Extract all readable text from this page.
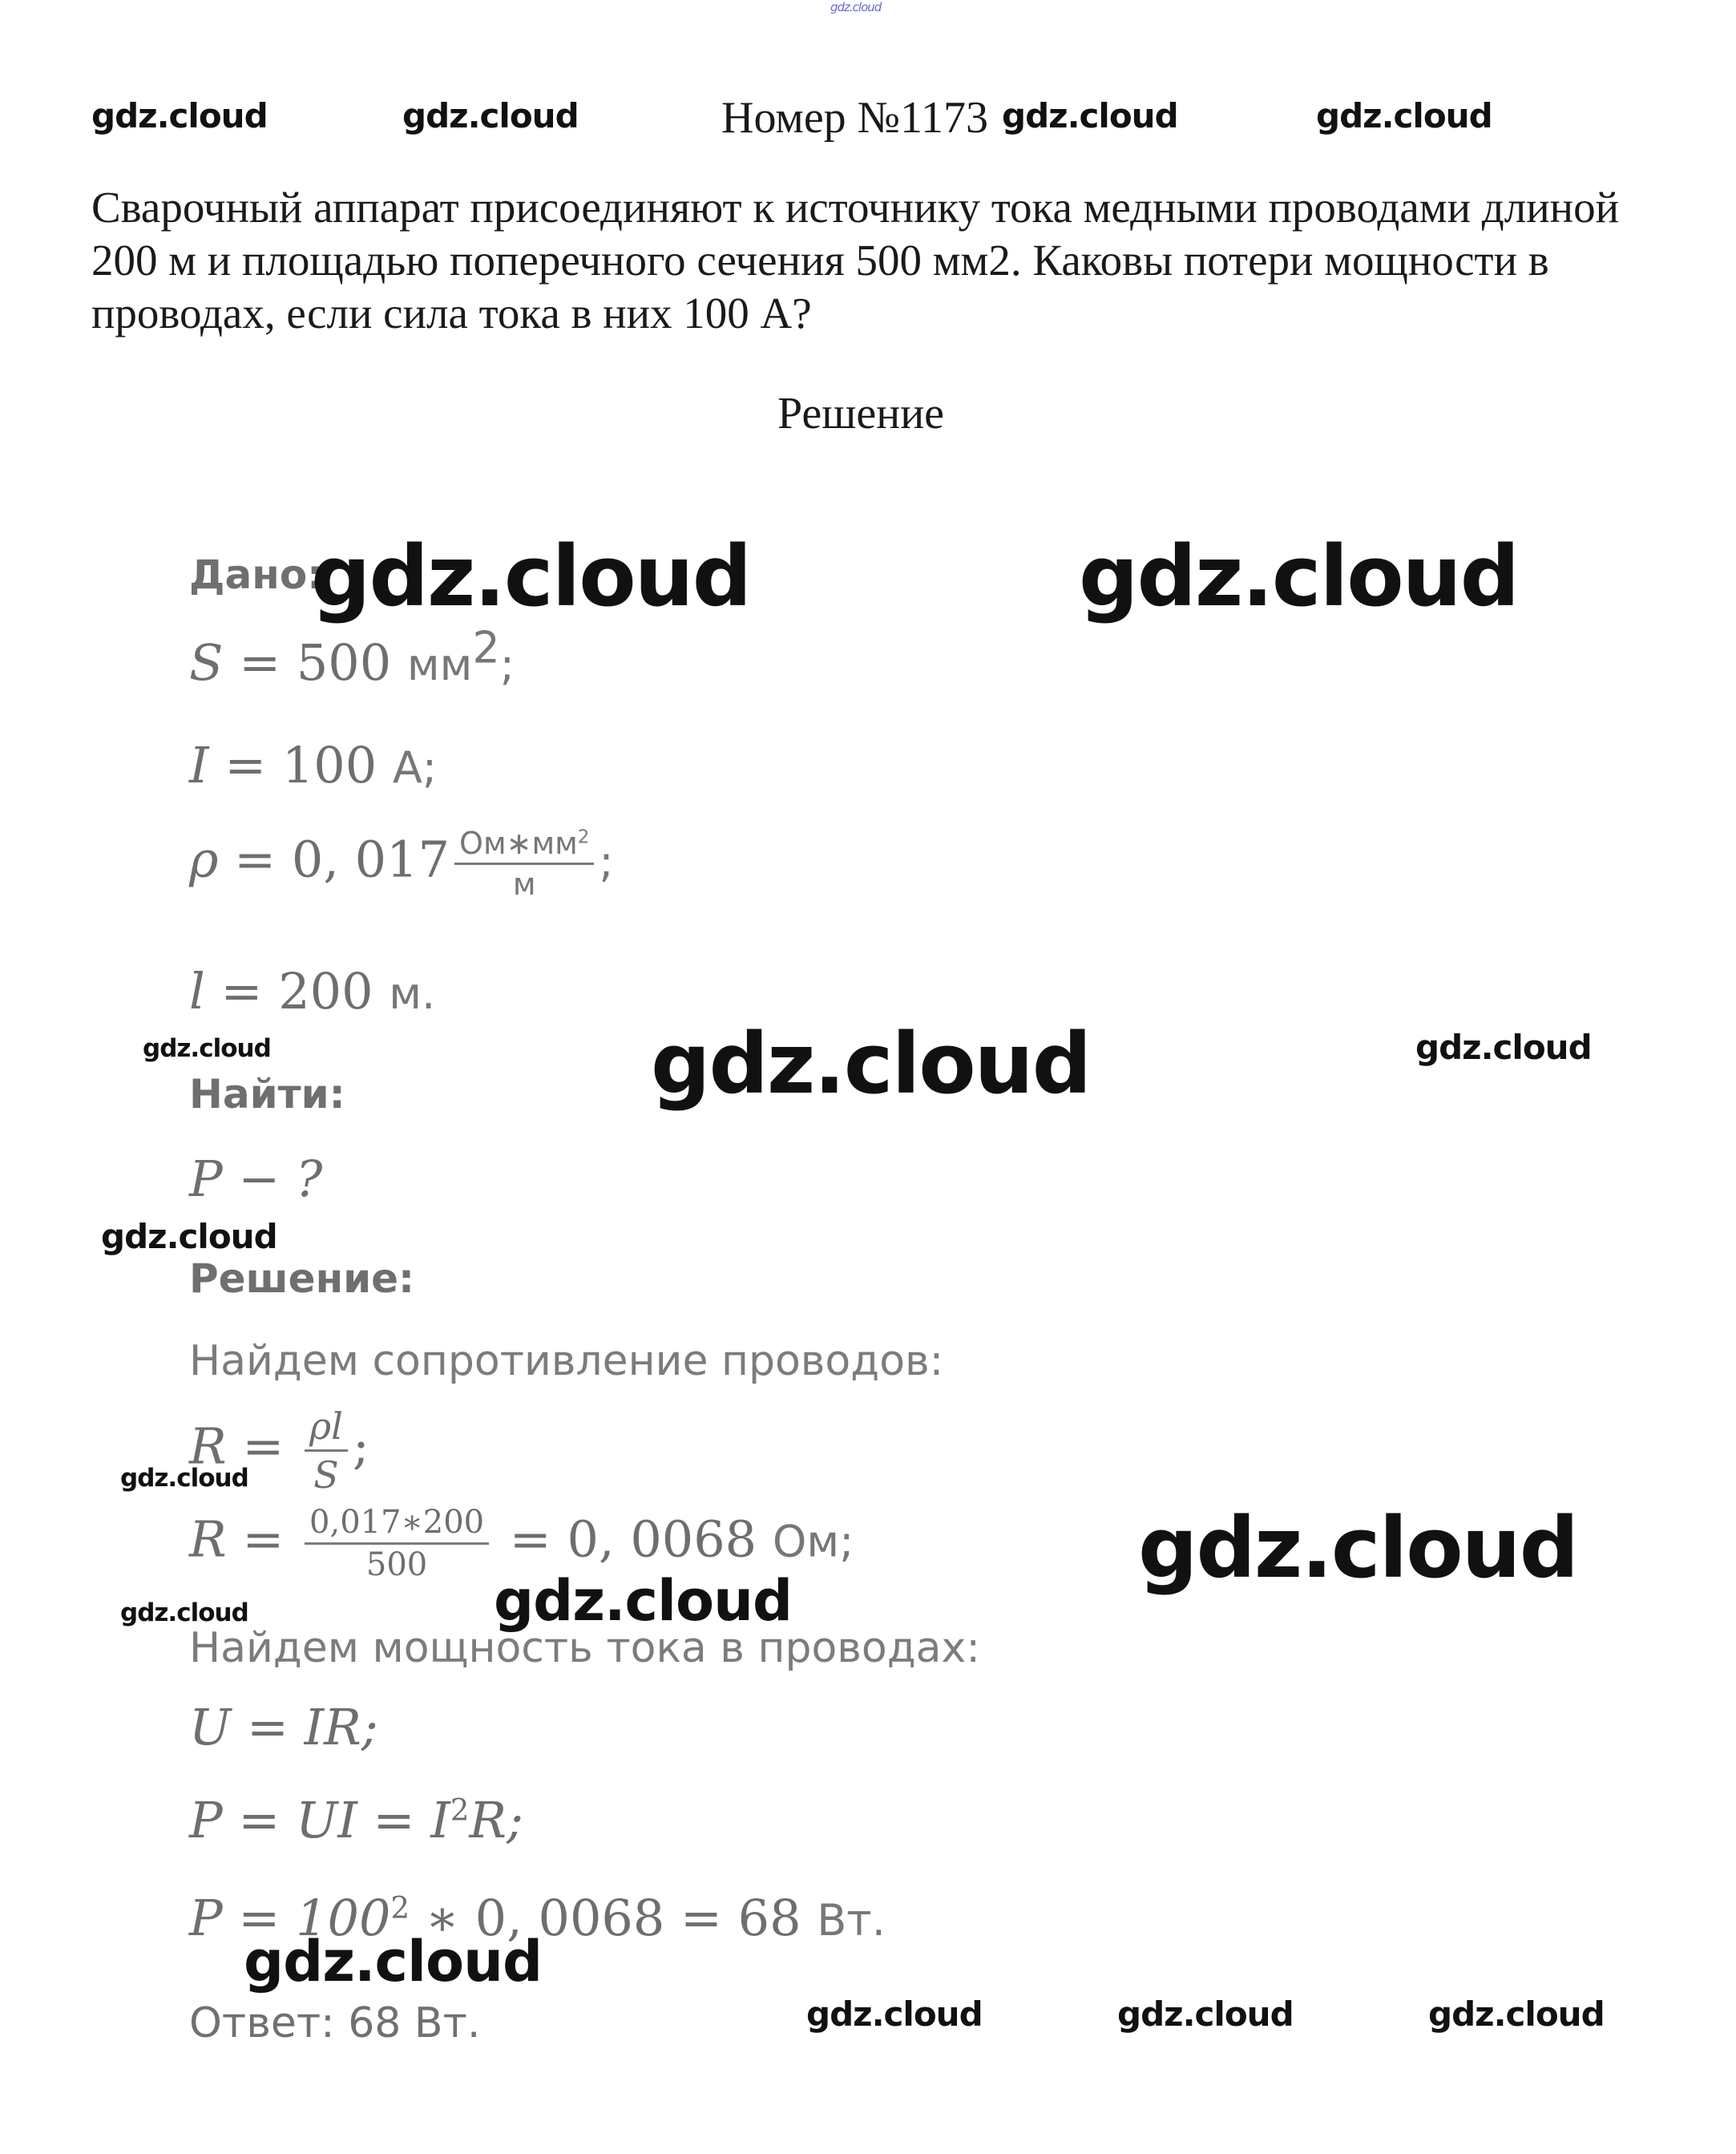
gdz.cloud
gdz.cloud	gdz.cloud	Номер №1173 gdz.cloud	gdz.cloud
Сварочный аппарат присоединяют к источнику тока медными проводами длиной 200 м и площадью поперечного сечения 500 мм2. Каковы потери мощности в проводах, если сила тока в них 100 А?
Решение
Дано:
gdz.cloud	gdz.cloud
S = 500 $мм^2$;
I = 100 А;
ρ = 0, $017 \frac{Ом∗мм^2}{м}$ ;
l = 200 м.
gdz.cloud	gdz.cloud	gdz.cloud
Найти:
P − ?
gdz.cloud
Решение:
Найдем сопротивление проводов:
$R = \frac{\rho l}{S}$ ;
gdz.cloud
$R = \frac{0,017∗200}{500} = 0$, 0068 Ом;	gdz.cloud
gdz.cloud	gdz.cloud
Найдем мощность тока в проводах:
U = IR;
P = UI = $I^2R$;
$P = 100^2$ ∗ 0, 0068 = 68 Вт.
gdz.cloud
Ответ: 68 Вт.	gdz.cloud	gdz.cloud	gdz.cloud
